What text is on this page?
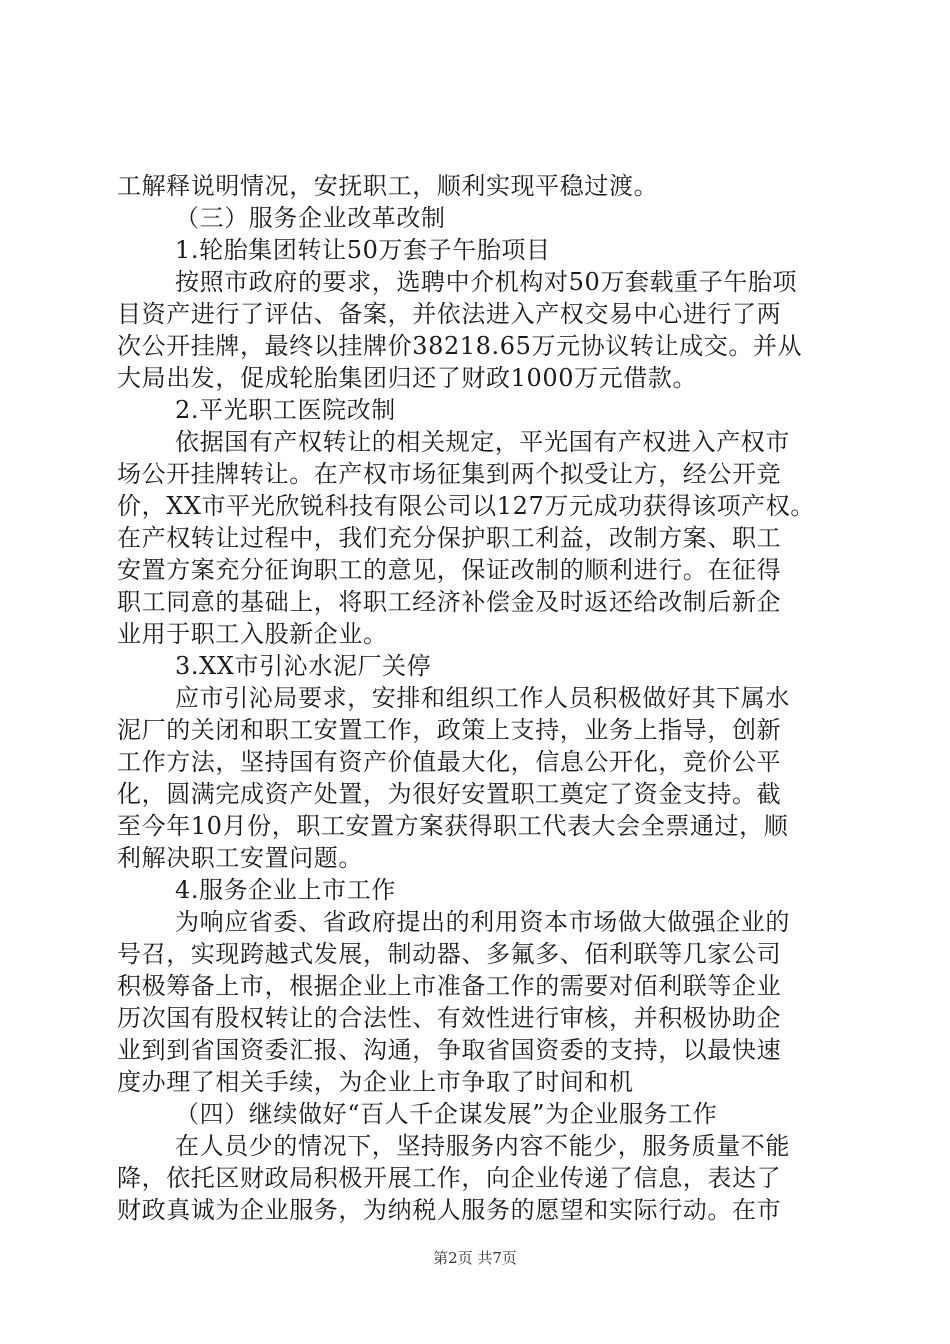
工解释说明情况，安抚职工，顺利实现平稳过渡。
（三）服务企业改革改制
1.轮胎集团转让50万套子午胎项目
按照市政府的要求，选聘中介机构对50万套载重子午胎项
目资产进行了评估、备案，并依法进入产权交易中心进行了两
次公开挂牌，最终以挂牌价38218.65万元协议转让成交。并从
大局出发，促成轮胎集团归还了财政1000万元借款。
2.平光职工医院改制
依据国有产权转让的相关规定，平光国有产权进入产权市
场公开挂牌转让。在产权市场征集到两个拟受让方，经公开竞
价，XX市平光欣锐科技有限公司以127万元成功获得该项产权。
在产权转让过程中，我们充分保护职工利益，改制方案、职工
安置方案充分征询职工的意见，保证改制的顺利进行。在征得
职工同意的基础上，将职工经济补偿金及时返还给改制后新企
业用于职工入股新企业。
3.XX市引沁水泥厂关停
应市引沁局要求，安排和组织工作人员积极做好其下属水
泥厂的关闭和职工安置工作，政策上支持，业务上指导，创新
工作方法，坚持国有资产价值最大化，信息公开化，竞价公平
化，圆满完成资产处置，为很好安置职工奠定了资金支持。截
至今年10月份，职工安置方案获得职工代表大会全票通过，顺
利解决职工安置问题。
4.服务企业上市工作
为响应省委、省政府提出的利用资本市场做大做强企业的
号召，实现跨越式发展，制动器、多氟多、佰利联等几家公司
积极筹备上市，根据企业上市准备工作的需要对佰利联等企业
历次国有股权转让的合法性、有效性进行审核，并积极协助企
业到到省国资委汇报、沟通，争取省国资委的支持，以最快速
度办理了相关手续，为企业上市争取了时间和机
（四）继续做好“百人千企谋发展”为企业服务工作
在人员少的情况下，坚持服务内容不能少，服务质量不能
降，依托区财政局积极开展工作，向企业传递了信息，表达了
财政真诚为企业服务，为纳税人服务的愿望和实际行动。在市
第2页 共7页
